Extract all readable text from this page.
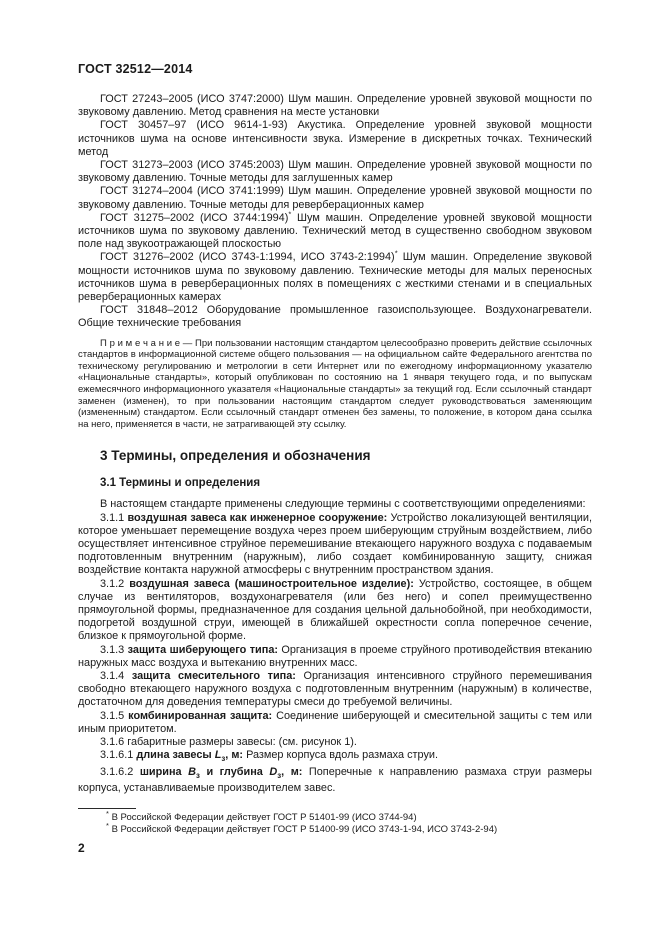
ГОСТ 32512—2014

ГОСТ 27243–2005 (ИСО 3747:2000) Шум машин. Определение уровней звуковой мощности по звуковому давлению. Метод сравнения на месте установки

ГОСТ 30457–97 (ИСО 9614-1-93) Акустика. Определение уровней звуковой мощности источников шума на основе интенсивности звука. Измерение в дискретных точках. Технический метод

ГОСТ 31273–2003 (ИСО 3745:2003) Шум машин. Определение уровней звуковой мощности по звуковому давлению. Точные методы для заглушенных камер

ГОСТ 31274–2004 (ИСО 3741:1999) Шум машин. Определение уровней звуковой мощности по звуковому давлению. Точные методы для реверберационных камер

ГОСТ 31275–2002 (ИСО 3744:1994)* Шум машин. Определение уровней звуковой мощности источников шума по звуковому давлению. Технический метод в существенно свободном звуковом поле над звукоотражающей плоскостью

ГОСТ 31276–2002 (ИСО 3743-1:1994, ИСО 3743-2:1994)* Шум машин. Определение звуковой мощности источников шума по звуковому давлению. Технические методы для малых переносных источников шума в реверберационных полях в помещениях с жесткими стенами и в специальных реверберационных камерах

ГОСТ 31848–2012 Оборудование промышленное газоиспользующее. Воздухонагреватели. Общие технические требования

П р и м е ч а н и е — При пользовании настоящим стандартом целесообразно проверить действие ссылочных стандартов в информационной системе общего пользования — на официальном сайте Федерального агентства по техническому регулированию и метрологии в сети Интернет или по ежегодному информационному указателю «Национальные стандарты», который опубликован по состоянию на 1 января текущего года, и по выпускам ежемесячного информационного указателя «Национальные стандарты» за текущий год. Если ссылочный стандарт заменен (изменен), то при пользовании настоящим стандартом следует руководствоваться заменяющим (измененным) стандартом. Если ссылочный стандарт отменен без замены, то положение, в котором дана ссылка на него, применяется в части, не затрагивающей эту ссылку.

3 Термины, определения и обозначения
3.1 Термины и определения

В настоящем стандарте применены следующие термины с соответствующими определениями:

3.1.1 воздушная завеса как инженерное сооружение: Устройство локализующей вентиляции, которое уменьшает перемещение воздуха через проем шиберующим струйным воздействием, либо осуществляет интенсивное струйное перемешивание втекающего наружного воздуха с подаваемым подготовленным внутренним (наружным), либо создает комбинированную защиту, снижая воздействие контакта наружной атмосферы с внутренним пространством здания.

3.1.2 воздушная завеса (машиностроительное изделие): Устройство, состоящее, в общем случае из вентиляторов, воздухонагревателя (или без него) и сопел преимущественно прямоугольной формы, предназначенное для создания цельной дальнобойной, при необходимости, подогретой воздушной струи, имеющей в ближайшей окрестности сопла поперечное сечение, близкое к прямоугольной форме.

3.1.3 защита шиберующего типа: Организация в проеме струйного противодействия втеканию наружных масс воздуха и вытеканию внутренних масс.

3.1.4 защита смесительного типа: Организация интенсивного струйного перемешивания свободно втекающего наружного воздуха с подготовленным внутренним (наружным) в количестве, достаточном для доведения температуры смеси до требуемой величины.

3.1.5 комбинированная защита: Соединение шиберующей и смесительной защиты с тем или иным приоритетом.

3.1.6 габаритные размеры завесы: (см. рисунок 1).

3.1.6.1 длина завесы $L_з$, м: Размер корпуса вдоль размаха струи.

3.1.6.2 ширина $В_з$ и глубина $D_з$, м: Поперечные к направлению размаха струи размеры корпуса, устанавливаемые производителем завес.

* В Российской Федерации действует ГОСТ Р 51401-99 (ИСО 3744-94)

* В Российской Федерации действует ГОСТ Р 51400-99 (ИСО 3743-1-94, ИСО 3743-2-94)

2
